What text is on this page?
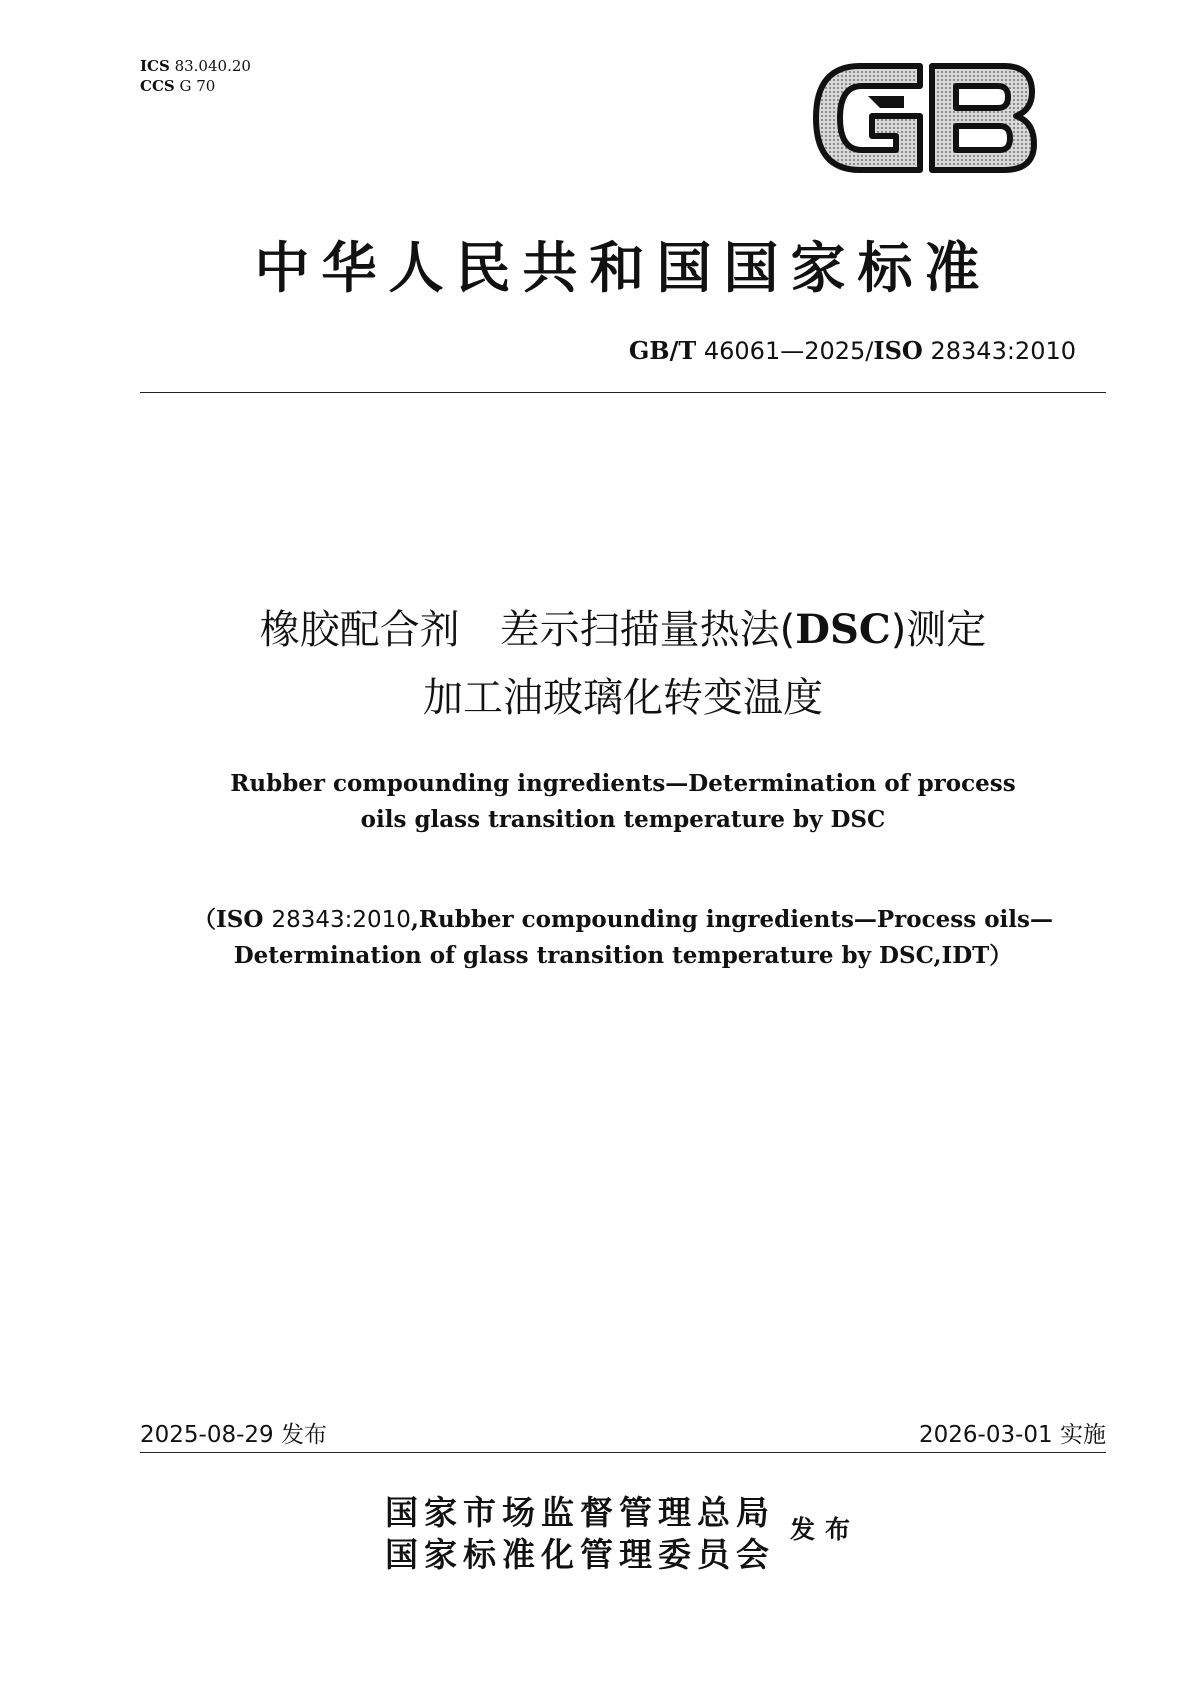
ICS 83.040.20
CCS G 70
中华人民共和国国家标准
GB/T 46061—2025/ISO 28343:2010
橡胶配合剂　差示扫描量热法(DSC)测定
加工油玻璃化转变温度
Rubber compounding ingredients—Determination of process
oils glass transition temperature by DSC
（ISO 28343:2010,Rubber compounding ingredients—Process oils—
Determination of glass transition temperature by DSC,IDT）
2025-08-29 发布	2026-03-01 实施
国家市场监督管理总局
国家标准化管理委员会
发布
